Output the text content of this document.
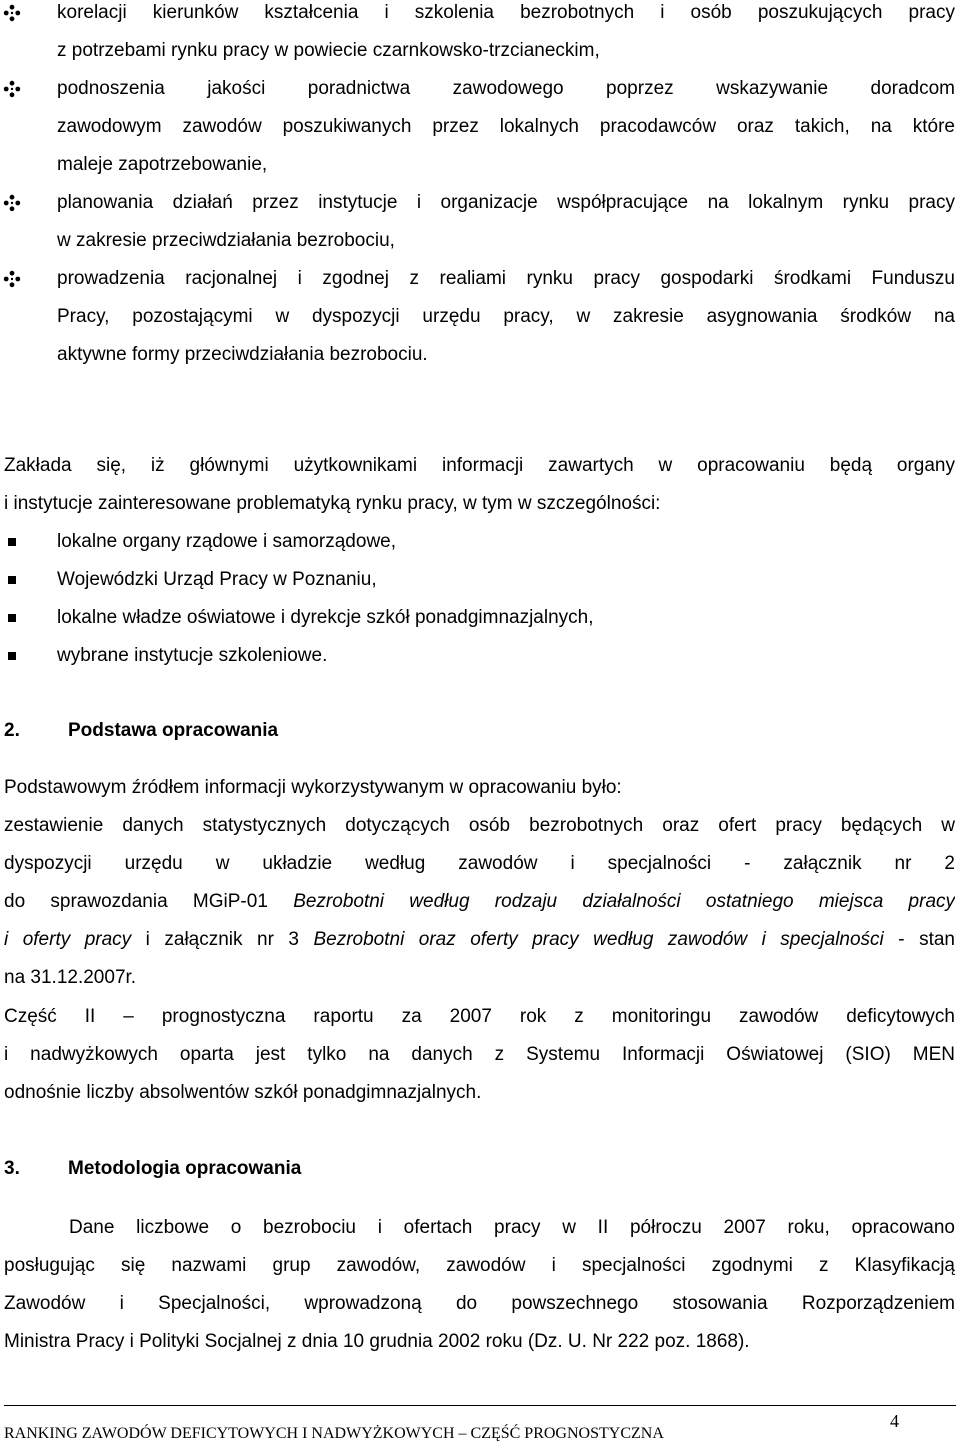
korelacji kierunków kształcenia i szkolenia bezrobotnych i osób poszukujących pracy
z potrzebami rynku pracy w powiecie czarnkowsko-trzcianeckim,
podnoszenia jakości poradnictwa zawodowego poprzez wskazywanie doradcom
zawodowym zawodów poszukiwanych przez lokalnych pracodawców oraz takich, na które
maleje zapotrzebowanie,
planowania działań przez instytucje i organizacje współpracujące na lokalnym rynku pracy
w zakresie przeciwdziałania bezrobociu,
prowadzenia racjonalnej i zgodnej z realiami rynku pracy gospodarki środkami Funduszu
Pracy, pozostającymi w dyspozycji urzędu pracy, w zakresie asygnowania środków na
aktywne formy przeciwdziałania bezrobociu.
Zakłada się, iż głównymi użytkownikami informacji zawartych w opracowaniu będą organy
i instytucje zainteresowane problematyką rynku pracy, w tym w szczególności:
lokalne organy rządowe i samorządowe,
Wojewódzki Urząd Pracy w Poznaniu,
lokalne władze oświatowe i dyrekcje szkół ponadgimnazjalnych,
wybrane instytucje szkoleniowe.
2.	Podstawa opracowania
Podstawowym źródłem informacji wykorzystywanym w opracowaniu było:
zestawienie danych statystycznych dotyczących osób bezrobotnych oraz ofert pracy będących w
dyspozycji urzędu w układzie według zawodów i specjalności - załącznik nr 2
do sprawozdania MGiP-01 Bezrobotni według rodzaju działalności ostatniego miejsca pracy
i oferty pracy i załącznik nr 3 Bezrobotni oraz oferty pracy według zawodów i specjalności - stan
na 31.12.2007r.
Część II – prognostyczna raportu za 2007 rok z monitoringu zawodów deficytowych
i nadwyżkowych oparta jest tylko na danych z Systemu Informacji Oświatowej (SIO) MEN
odnośnie liczby absolwentów szkół ponadgimnazjalnych.
3.	Metodologia opracowania
Dane liczbowe o bezrobociu i ofertach pracy w II półroczu 2007 roku, opracowano
posługując się nazwami grup zawodów, zawodów i specjalności zgodnymi z Klasyfikacją
Zawodów i Specjalności, wprowadzoną do powszechnego stosowania Rozporządzeniem
Ministra Pracy i Polityki Socjalnej z dnia 10 grudnia 2002 roku (Dz. U. Nr 222 poz. 1868).
RANKING ZAWODÓW DEFICYTOWYCH I NADWYŻKOWYCH – CZĘŚĆ PROGNOSTYCZNA
4
